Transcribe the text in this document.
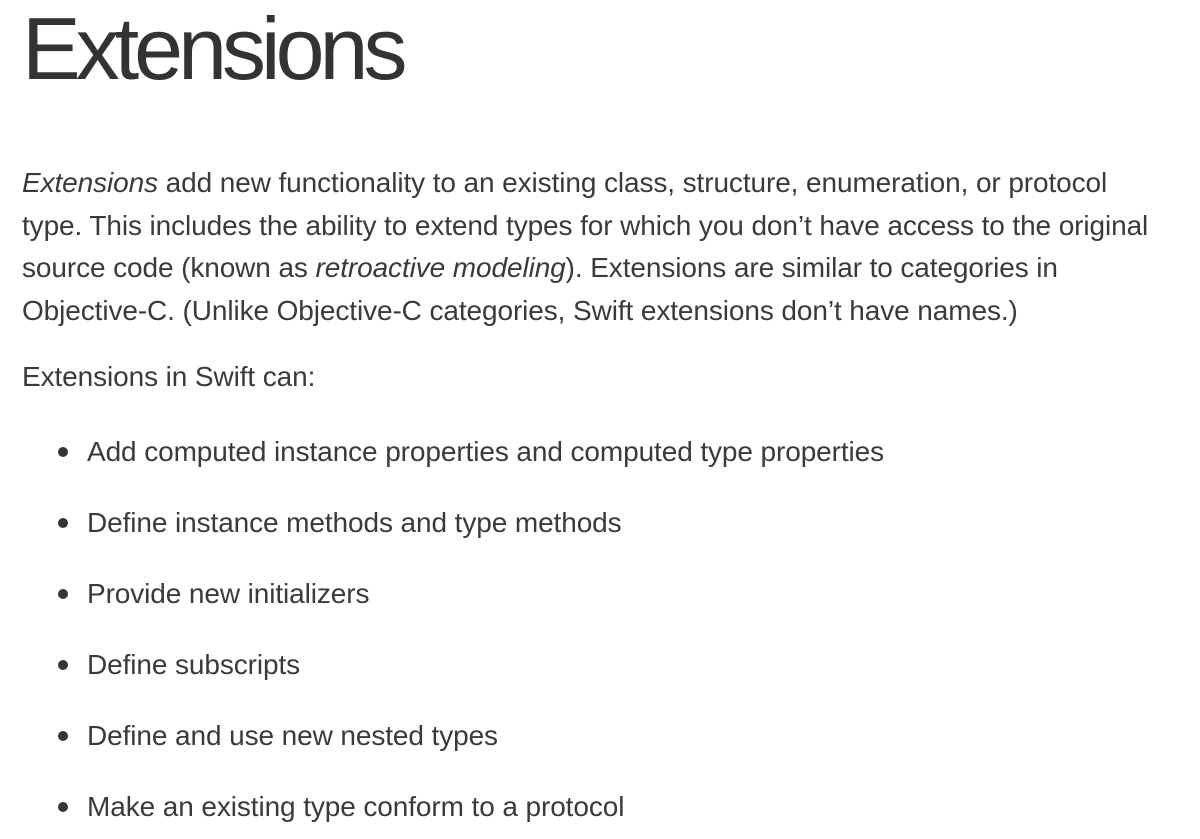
Extensions

Extensions add new functionality to an existing class, structure, enumeration, or protocol type. This includes the ability to extend types for which you don’t have access to the original source code (known as retroactive modeling). Extensions are similar to categories in Objective-C. (Unlike Objective-C categories, Swift extensions don’t have names.)

Extensions in Swift can:

Add computed instance properties and computed type properties
Define instance methods and type methods
Provide new initializers
Define subscripts
Define and use new nested types
Make an existing type conform to a protocol
